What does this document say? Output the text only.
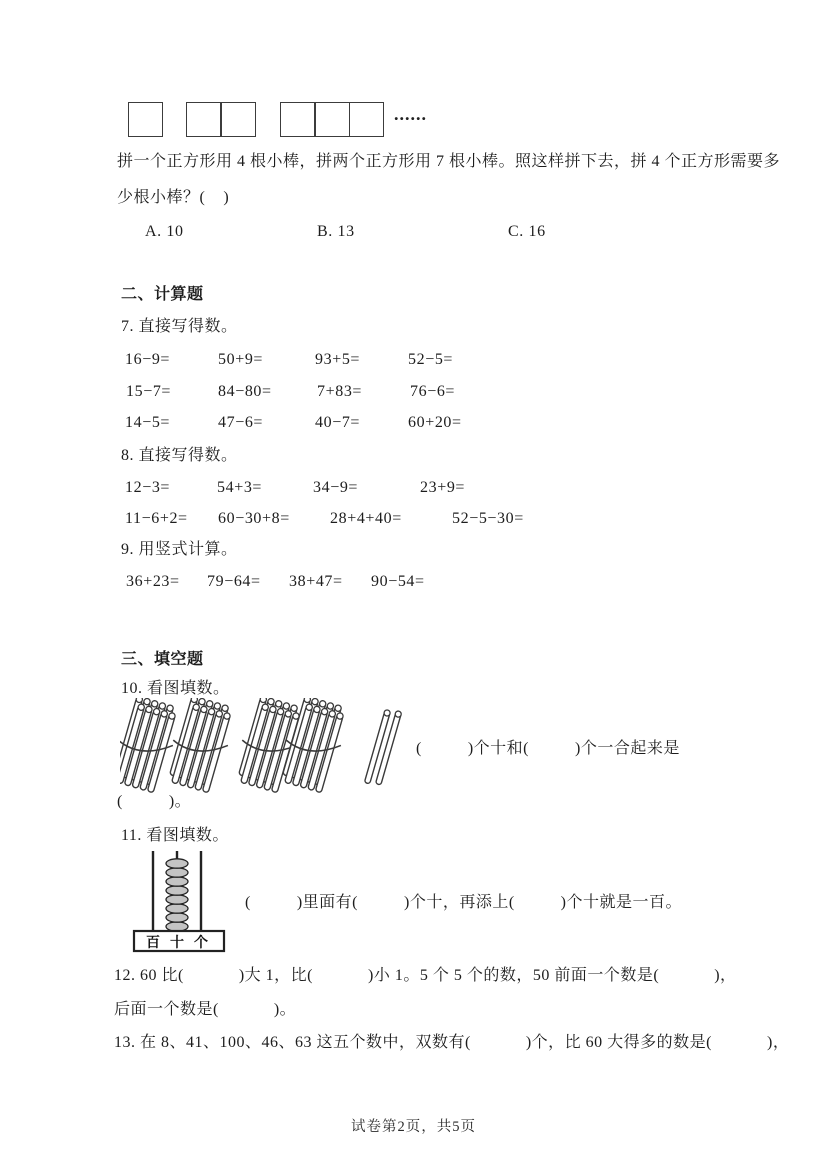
......
拼一个正方形用 4 根小棒，拼两个正方形用 7 根小棒。照这样拼下去，拼 4 个正方形需要多
少根小棒？( )
A. 10	B. 13	C. 16
二、计算题
7. 直接写得数。
16−9=	50+9=	93+5=	52−5=
15−7=	84−80=	7+83=	76−6=
14−5=	47−6=	40−7=	60+20=
8. 直接写得数。
12−3=	54+3=	34−9=	23+9=
11−6+2= 60−30+8=	28+4+40=	52−5−30=
9. 用竖式计算。
36+23= 79−64= 38+47= 90−54=
三、填空题
10. 看图填数。
(	)个十和(	)个一合起来是
(	)。
11. 看图填数。
百 十 个
(	)里面有(	)个十，再添上(	)个十就是一百。
12. 60 比(	)大 1，比(	)小 1。5 个 5 个的数，50 前面一个数是(	)，
后面一个数是(	)。
13. 在 8、41、100、46、63 这五个数中，双数有(	)个，比 60 大得多的数是(	)，
试卷第2页，共5页
